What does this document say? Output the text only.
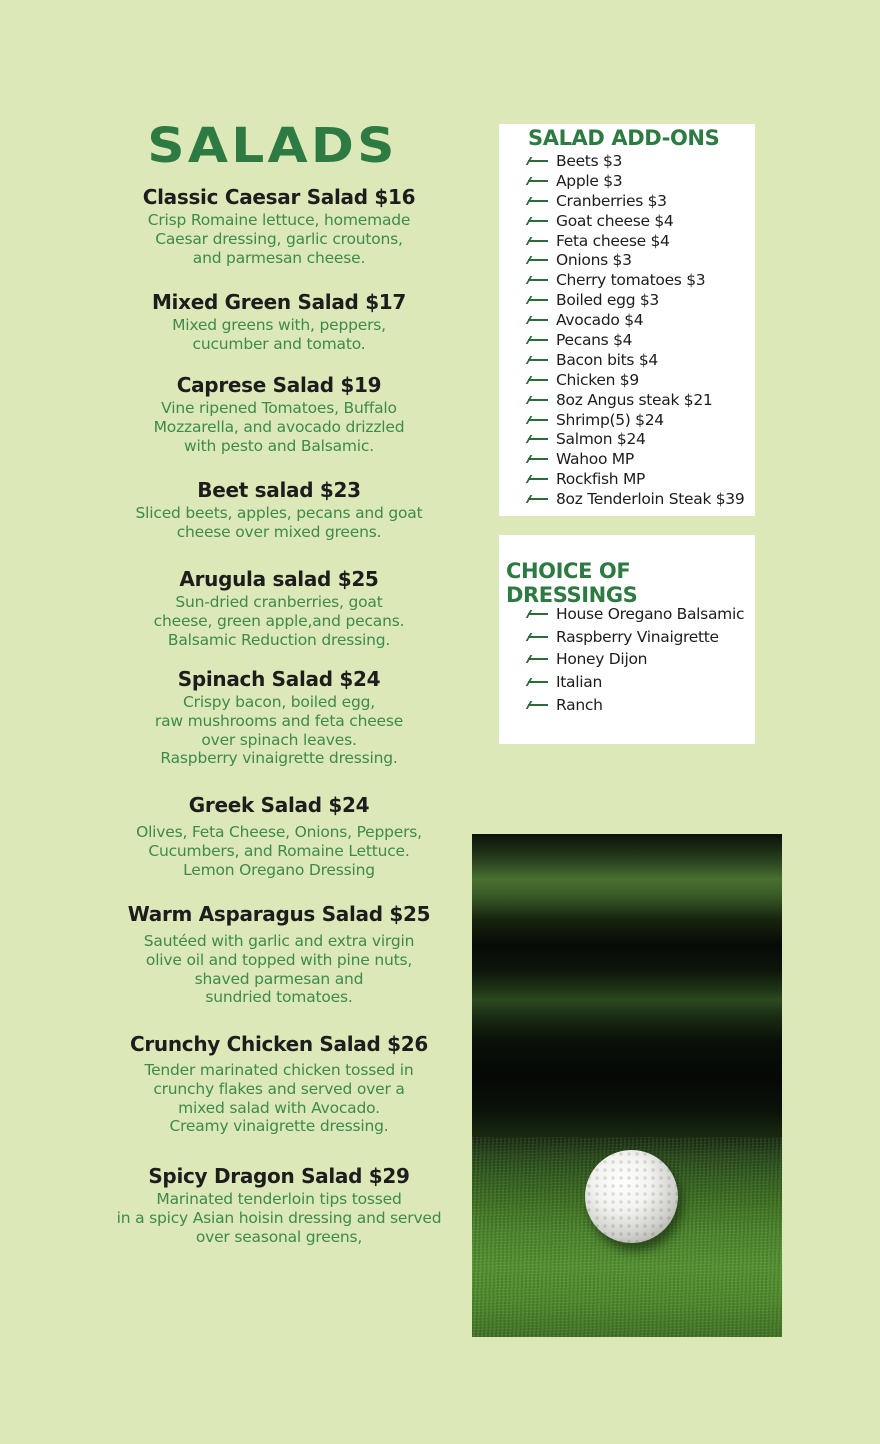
SALADS
Classic Caesar Salad $16
Crisp Romaine lettuce, homemade
Caesar dressing, garlic croutons,
and parmesan cheese.
Mixed Green Salad $17
Mixed greens with, peppers,
cucumber and tomato.
Caprese Salad $19
Vine ripened Tomatoes, Buffalo
Mozzarella, and avocado drizzled
with pesto and Balsamic.
Beet salad $23
Sliced beets, apples, pecans and goat
cheese over mixed greens.
Arugula salad $25
Sun-dried cranberries, goat
cheese, green apple,and pecans.
Balsamic Reduction dressing.
Spinach Salad $24
Crispy bacon, boiled egg,
raw mushrooms and feta cheese
over spinach leaves.
Raspberry vinaigrette dressing.
Greek Salad $24
Olives, Feta Cheese, Onions, Peppers,
Cucumbers, and Romaine Lettuce.
Lemon Oregano Dressing
Warm Asparagus Salad $25
Sautéed with garlic and extra virgin
olive oil and topped with pine nuts,
shaved parmesan and
sundried tomatoes.
Crunchy Chicken Salad $26
Tender marinated chicken tossed in
crunchy flakes and served over a
mixed salad with Avocado.
Creamy vinaigrette dressing.
Spicy Dragon Salad $29
Marinated tenderloin tips tossed
in a spicy Asian hoisin dressing and served
over seasonal greens,
SALAD ADD-ONS
Beets $3
Apple $3
Cranberries $3
Goat cheese $4
Feta cheese $4
Onions $3
Cherry tomatoes $3
Boiled egg $3
Avocado $4
Pecans $4
Bacon bits $4
Chicken $9
8oz Angus steak $21
Shrimp(5) $24
Salmon $24
Wahoo MP
Rockfish MP
8oz Tenderloin Steak $39
CHOICE OF DRESSINGS
House Oregano Balsamic
Raspberry Vinaigrette
Honey Dijon
Italian
Ranch
